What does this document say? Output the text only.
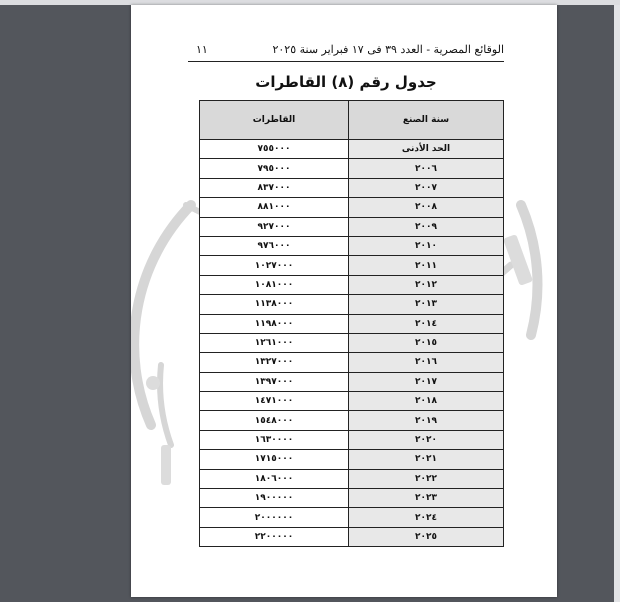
الوقائع المصرية - العدد ٣٩ فى ١٧ فبراير سنة ٢٠٢٥
١١
جدول رقم (٨) القاطرات
سنة الصنع	القاطرات
الحد الأدنى	٧٥٥٠٠٠
٢٠٠٦	٧٩٥٠٠٠
٢٠٠٧	٨٣٧٠٠٠
٢٠٠٨	٨٨١٠٠٠
٢٠٠٩	٩٢٧٠٠٠
٢٠١٠	٩٧٦٠٠٠
٢٠١١	١٠٢٧٠٠٠
٢٠١٢	١٠٨١٠٠٠
٢٠١٣	١١٣٨٠٠٠
٢٠١٤	١١٩٨٠٠٠
٢٠١٥	١٢٦١٠٠٠
٢٠١٦	١٣٢٧٠٠٠
٢٠١٧	١٣٩٧٠٠٠
٢٠١٨	١٤٧١٠٠٠
٢٠١٩	١٥٤٨٠٠٠
٢٠٢٠	١٦٣٠٠٠٠
٢٠٢١	١٧١٥٠٠٠
٢٠٢٢	١٨٠٦٠٠٠
٢٠٢٣	١٩٠٠٠٠٠
٢٠٢٤	٢٠٠٠٠٠٠
٢٠٢٥	٢٢٠٠٠٠٠
